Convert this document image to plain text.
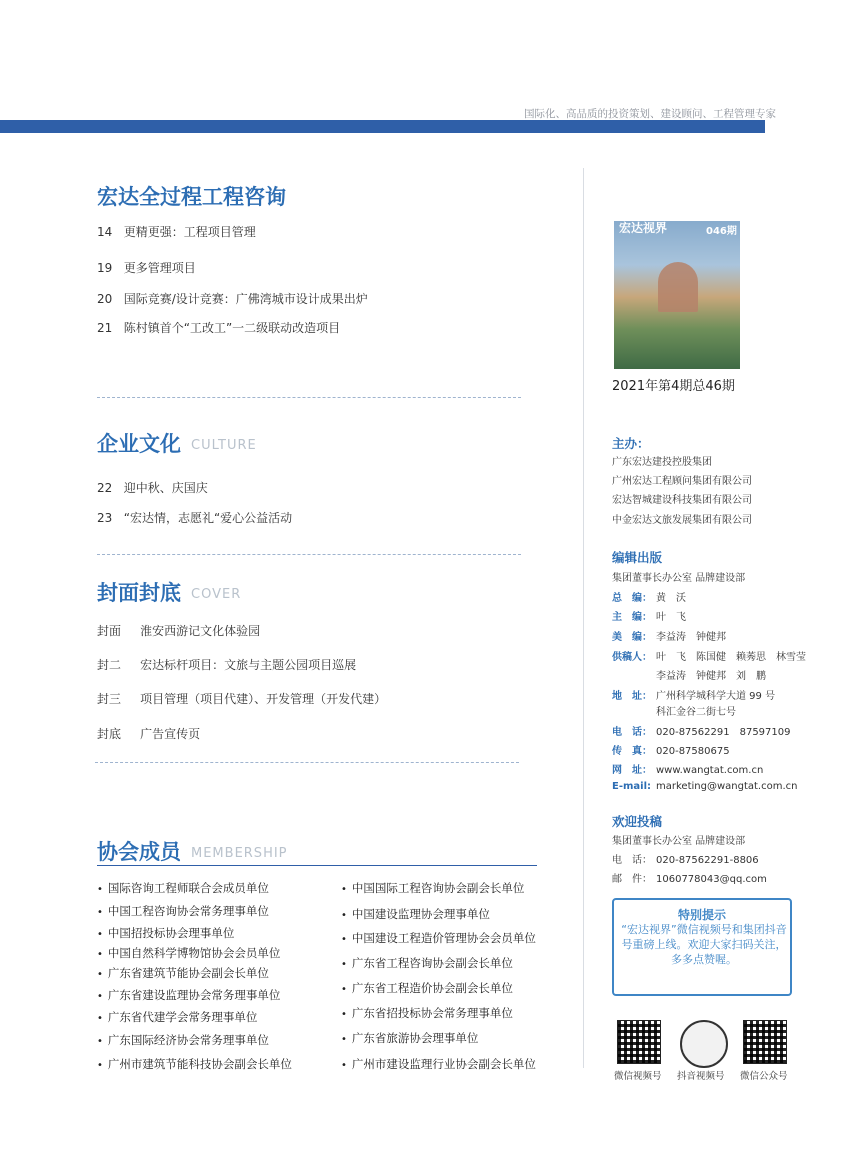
国际化、高品质的投资策划、建设顾问、工程管理专家
宏达全过程工程咨询
14 更精更强：工程项目管理
19 更多管理项目
20 国际竞赛/设计竞赛：广佛湾城市设计成果出炉
21 陈村镇首个“工改工”一二级联动改造项目
企业文化 CULTURE
22 迎中秋、庆国庆
23 “宏达情，志愿礼“爱心公益活动
封面封底 COVER
封面 淮安西游记文化体验园
封二 宏达标杆项目：文旅与主题公园项目巡展
封三 项目管理（项目代建）、开发管理（开发代建）
封底 广告宣传页
协会成员 MEMBERSHIP
• 国际咨询工程师联合会成员单位
• 中国工程咨询协会常务理事单位
• 中国招投标协会理事单位
• 中国自然科学博物馆协会会员单位
• 广东省建筑节能协会副会长单位
• 广东省建设监理协会常务理事单位
• 广东省代建学会常务理事单位
• 广东国际经济协会常务理事单位
• 广州市建筑节能科技协会副会长单位
• 中国国际工程咨询协会副会长单位
• 中国建设监理协会理事单位
• 中国建设工程造价管理协会会员单位
• 广东省工程咨询协会副会长单位
• 广东省工程造价协会副会长单位
• 广东省招投标协会常务理事单位
• 广东省旅游协会理事单位
• 广州市建设监理行业协会副会长单位
宏达视界	046期
2021年第4期总46期
主办：
广东宏达建投控股集团
广州宏达工程顾问集团有限公司
宏达智城建设科技集团有限公司
中金宏达文旅发展集团有限公司
编辑出版
集团董事长办公室 品牌建设部
总　编： 黄　沃
主　编： 叶　飞
美　编： 李益涛　钟健邦
供稿人： 叶　飞　陈国健　赖莠思　林雪莹
李益涛　钟健邦　刘　鹏
地　址： 广州科学城科学大道 99 号
科汇金谷二街七号
电　话： 020-87562291　87597109
传　真： 020-87580675
网　址： www.wangtat.com.cn
E-mail: marketing@wangtat.com.cn
欢迎投稿
集团董事长办公室 品牌建设部
电　话： 020-87562291-8806
邮　件： 1060778043@qq.com
特别提示
“宏达视界”微信视频号和集团抖音号重磅上线。欢迎大家扫码关注，多多点赞喔。
微信视频号 抖音视频号 微信公众号
